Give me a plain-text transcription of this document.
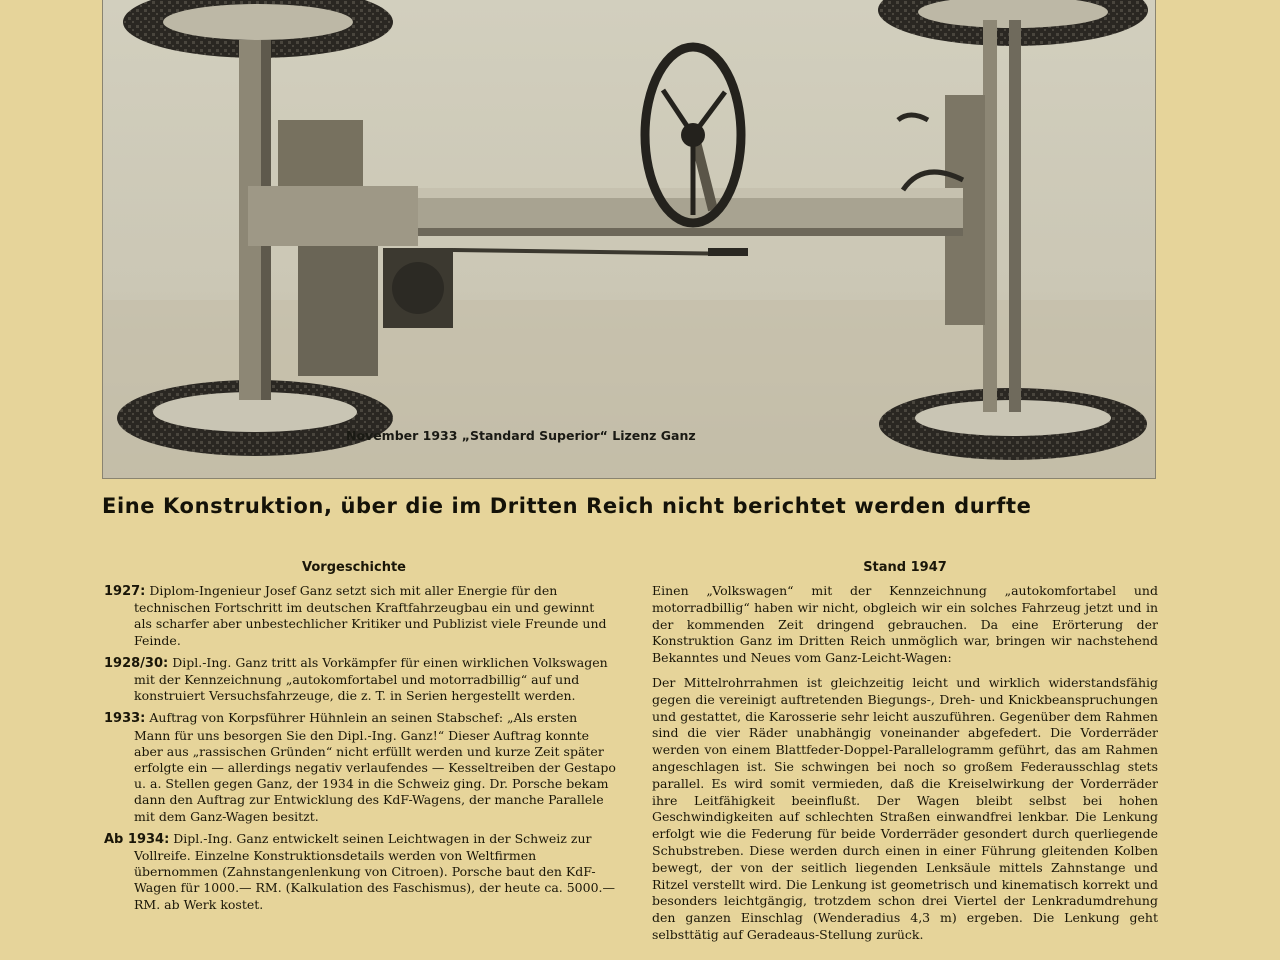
November 1933 „Standard Superior“ Lizenz Ganz
Eine Konstruktion, über die im Dritten Reich nicht berichtet werden durfte
Vorgeschichte
1927: Diplom-Ingenieur Josef Ganz setzt sich mit aller Energie für den technischen Fortschritt im deutschen Kraftfahrzeugbau ein und gewinnt als scharfer aber unbestechlicher Kritiker und Publizist viele Freunde und Feinde.
1928/30: Dipl.-Ing. Ganz tritt als Vorkämpfer für einen wirklichen Volkswagen mit der Kennzeichnung „autokomfortabel und motorradbillig“ auf und konstruiert Versuchsfahrzeuge, die z. T. in Serien hergestellt werden.
1933: Auftrag von Korpsführer Hühnlein an seinen Stabschef: „Als ersten Mann für uns besorgen Sie den Dipl.-Ing. Ganz!“ Dieser Auftrag konnte aber aus „rassischen Gründen“ nicht erfüllt werden und kurze Zeit später erfolgte ein — allerdings negativ verlaufendes — Kesseltreiben der Gestapo u. a. Stellen gegen Ganz, der 1934 in die Schweiz ging. Dr. Porsche bekam dann den Auftrag zur Entwicklung des KdF-Wagens, der manche Parallele mit dem Ganz-Wagen besitzt.
Ab 1934: Dipl.-Ing. Ganz entwickelt seinen Leichtwagen in der Schweiz zur Vollreife. Einzelne Konstruktionsdetails werden von Weltfirmen übernommen (Zahnstangenlenkung von Citroen). Porsche baut den KdF-Wagen für 1000.— RM. (Kalkulation des Faschismus), der heute ca. 5000.— RM. ab Werk kostet.
Stand 1947
Einen „Volkswagen“ mit der Kennzeichnung „autokomfortabel und motorradbillig“ haben wir nicht, obgleich wir ein solches Fahrzeug jetzt und in der kommenden Zeit dringend gebrauchen. Da eine Erörterung der Konstruktion Ganz im Dritten Reich unmöglich war, bringen wir nachstehend Bekanntes und Neues vom Ganz-Leicht-Wagen:
Der Mittelrohrrahmen ist gleichzeitig leicht und wirklich widerstandsfähig gegen die vereinigt auftretenden Biegungs-, Dreh- und Knickbeanspruchungen und gestattet, die Karosserie sehr leicht auszuführen. Gegenüber dem Rahmen sind die vier Räder unabhängig voneinander abgefedert. Die Vorderräder werden von einem Blattfeder-Doppel-Parallelogramm geführt, das am Rahmen angeschlagen ist. Sie schwingen bei noch so großem Federausschlag stets parallel. Es wird somit vermieden, daß die Kreiselwirkung der Vorderräder ihre Leitfähigkeit beeinflußt. Der Wagen bleibt selbst bei hohen Geschwindigkeiten auf schlechten Straßen einwandfrei lenkbar. Die Lenkung erfolgt wie die Federung für beide Vorderräder gesondert durch querliegende Schubstreben. Diese werden durch einen in einer Führung gleitenden Kolben bewegt, der von der seitlich liegenden Lenksäule mittels Zahnstange und Ritzel verstellt wird. Die Lenkung ist geometrisch und kinematisch korrekt und besonders leichtgängig, trotzdem schon drei Viertel der Lenkradumdrehung den ganzen Einschlag (Wenderadius 4,3 m) ergeben. Die Lenkung geht selbsttätig auf Geradeaus-Stellung zurück.
